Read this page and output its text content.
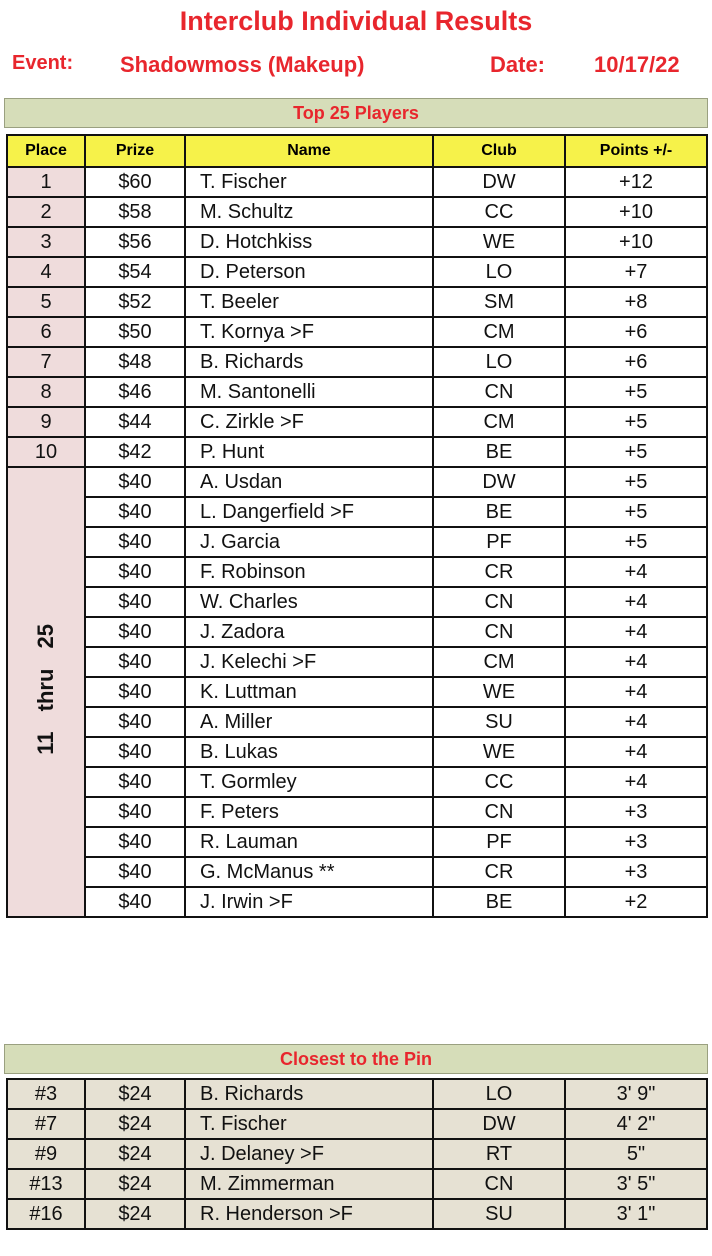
Interclub Individual Results
Event: Shadowmoss (Makeup)	Date: 10/17/22
Top 25 Players
Place	Prize	Name	Club	Points +/-
1	$60	T. Fischer	DW	+12
2	$58	M. Schultz	CC	+10
3	$56	D. Hotchkiss	WE	+10
4	$54	D. Peterson	LO	+7
5	$52	T. Beeler	SM	+8
6	$50	T. Kornya >F	CM	+6
7	$48	B. Richards	LO	+6
8	$46	M. Santonelli	CN	+5
9	$44	C. Zirkle >F	CM	+5
10	$42	P. Hunt	BE	+5
11 thru 25	$40	A. Usdan	DW	+5
	$40	L. Dangerfield >F	BE	+5
	$40	J. Garcia	PF	+5
	$40	F. Robinson	CR	+4
	$40	W. Charles	CN	+4
	$40	J. Zadora	CN	+4
	$40	J. Kelechi >F	CM	+4
	$40	K. Luttman	WE	+4
	$40	A. Miller	SU	+4
	$40	B. Lukas	WE	+4
	$40	T. Gormley	CC	+4
	$40	F. Peters	CN	+3
	$40	R. Lauman	PF	+3
	$40	G. McManus **	CR	+3
	$40	J. Irwin >F	BE	+2
Closest to the Pin
#3	$24	B. Richards	LO	3' 9"
#7	$24	T. Fischer	DW	4' 2"
#9	$24	J. Delaney >F	RT	5"
#13	$24	M. Zimmerman	CN	3' 5"
#16	$24	R. Henderson >F	SU	3' 1"
